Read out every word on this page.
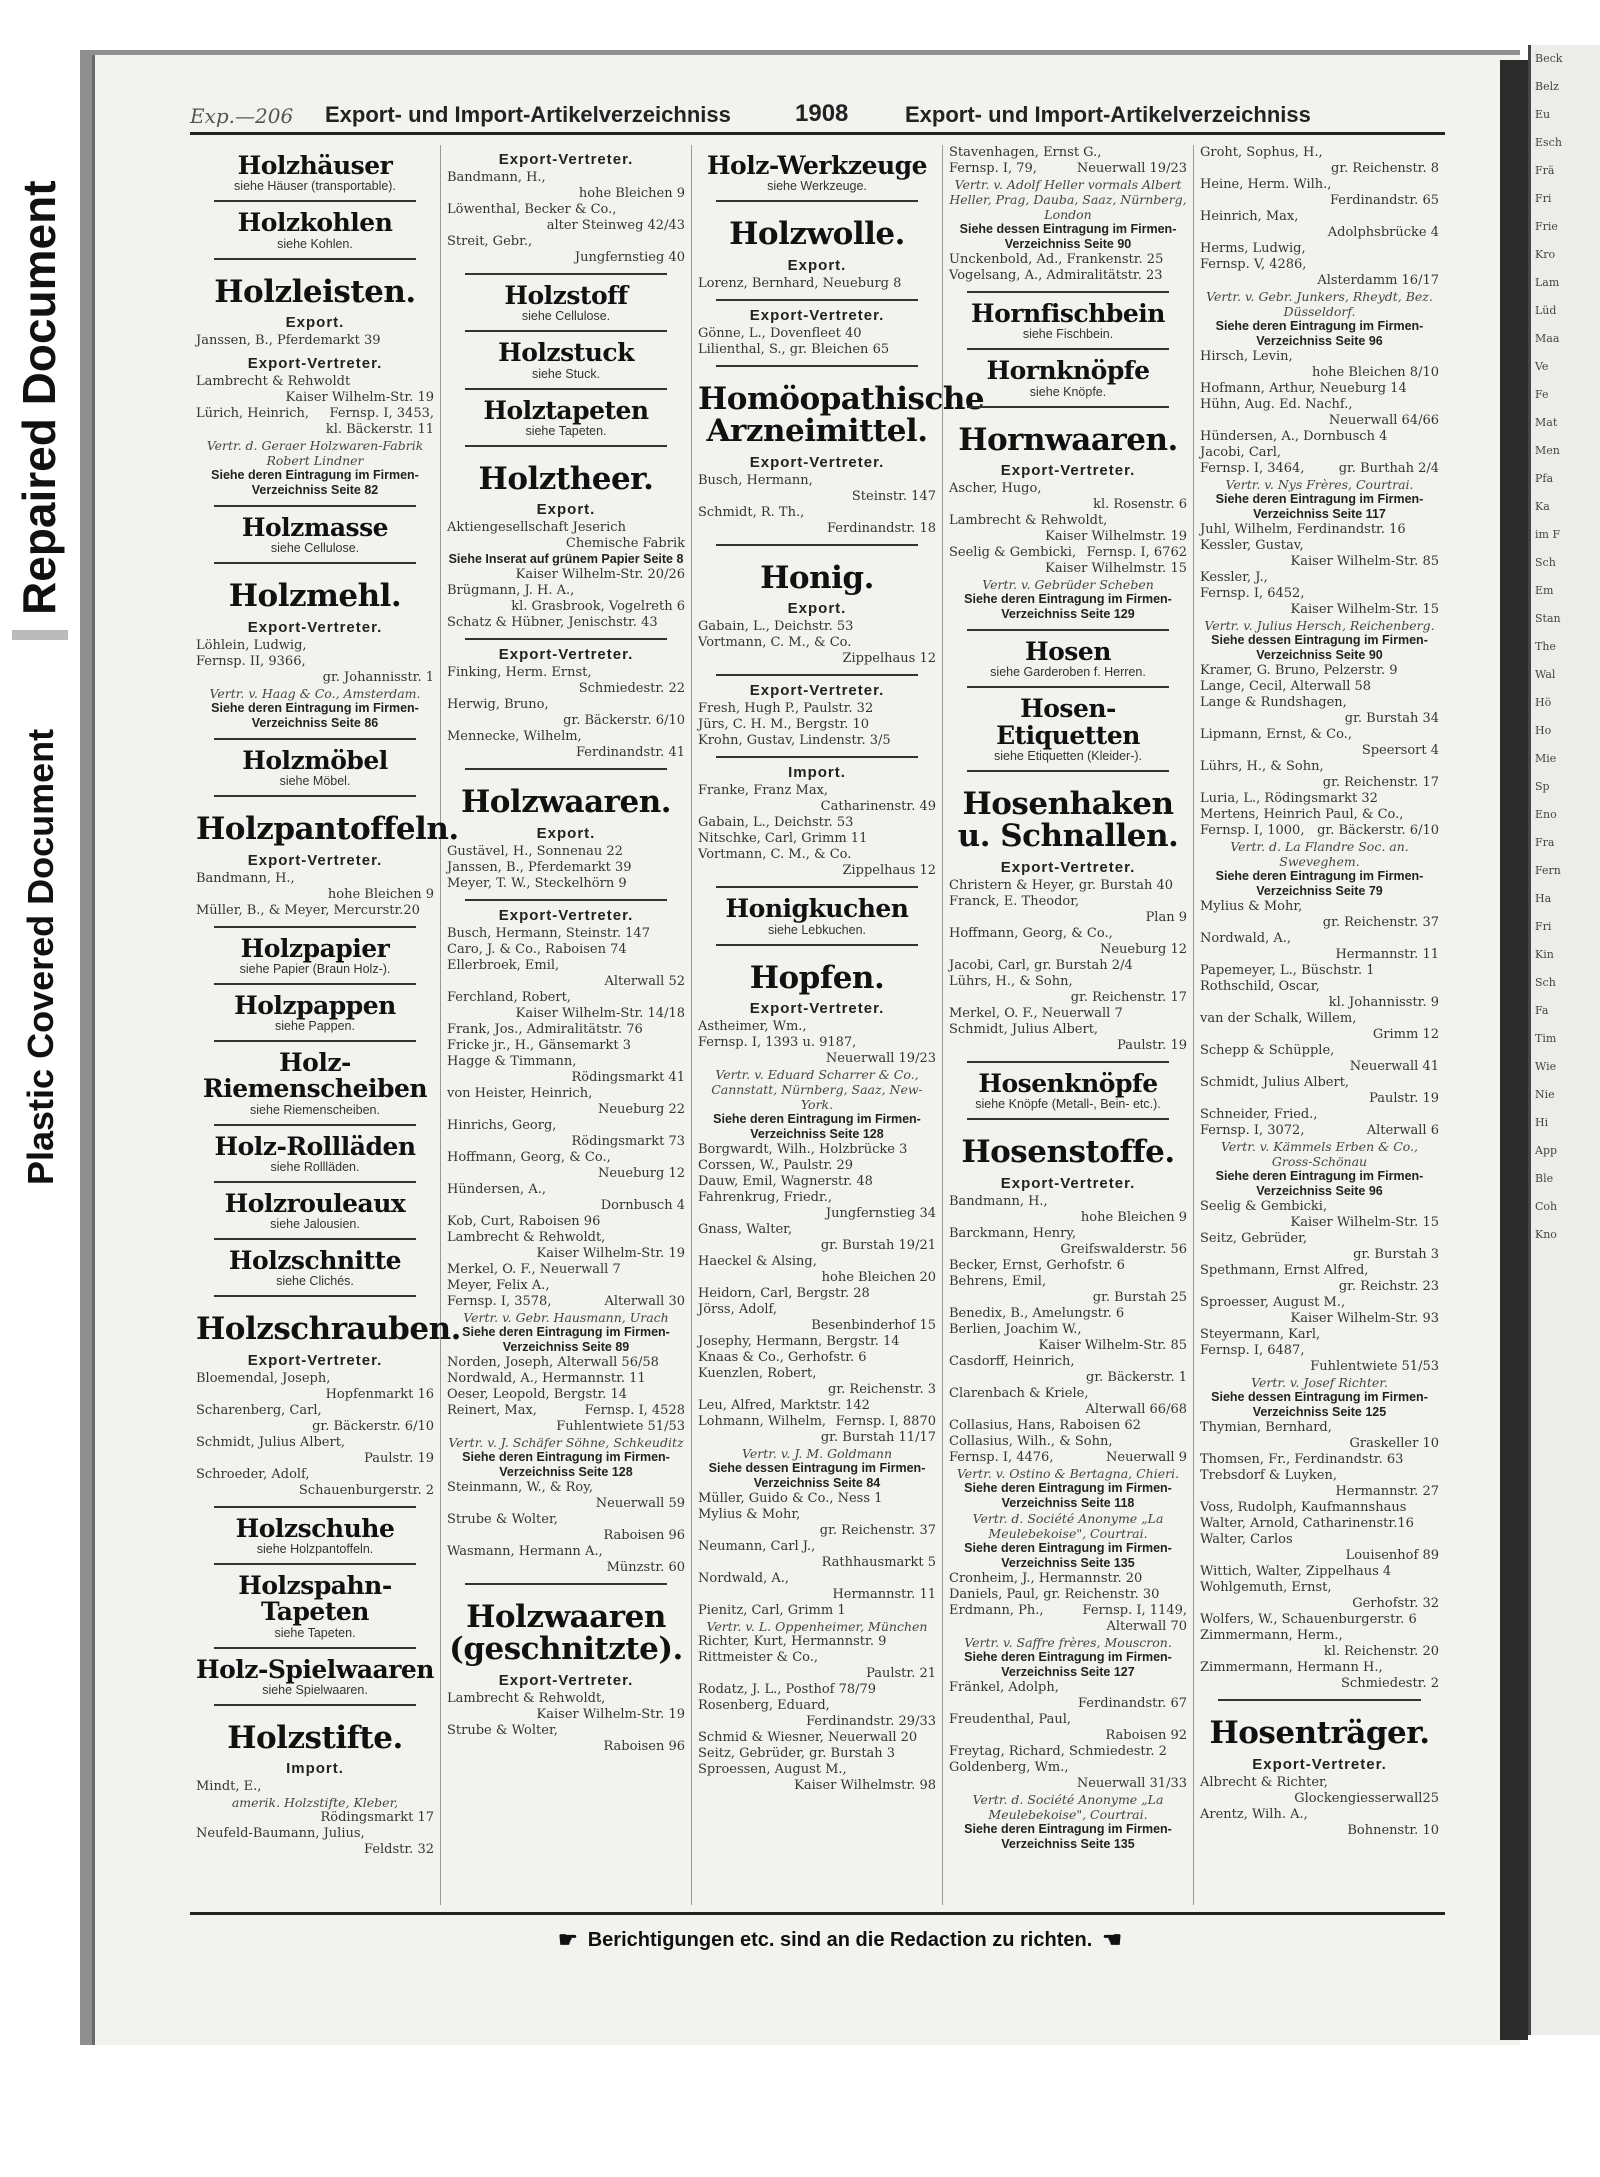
Repaired Document
Plastic Covered Document
Beck
Belz
Eu
Esch
Frä
Fri
Frie
Kro
Lam
Lüd
Maa
Ve
Fe
Mat
Men
Pfa
Ka
im F
Sch
Em
Stan
The
Wal
Hö
Ho
Mie
Sp
Eno
Fra
Fern
Ha
Fri
Kin
Sch
Fa
Tim
Wie
Nie
Hi
App
Ble
Coh
Kno
Exp.—206	Export- und Import-Artikelverzeichniss	1908	Export- und Import-Artikelverzeichniss
Holzhäuser
siehe Häuser (transportable).
Holzkohlen
siehe Kohlen.
Holzleisten.
Export.
Janssen, B., Pferdemarkt 39
Export-Vertreter.
Lambrecht & Rehwoldt
Kaiser Wilhelm-Str. 19
Fernsp. I, 3453,
Lürich, Heinrich,
kl. Bäckerstr. 11
Vertr. d. Geraer Holzwaren-Fabrik Robert Lindner
Siehe deren Eintragung im Firmen-Verzeichniss Seite 82
Holzmasse
siehe Cellulose.
Holzmehl.
Export-Vertreter.
Löhlein, Ludwig,
Fernsp. II, 9366,
gr. Johannisstr. 1
Vertr. v. Haag & Co., Amsterdam.
Siehe deren Eintragung im Firmen-Verzeichniss Seite 86
Holzmöbel
siehe Möbel.
Holzpantoffeln.
Export-Vertreter.
Bandmann, H.,
hohe Bleichen 9
Müller, B., & Meyer, Mercurstr.20
Holzpapier
siehe Papier (Braun Holz-).
Holzpappen
siehe Pappen.
Holz-Riemenscheiben
siehe Riemenscheiben.
Holz-Rollläden
siehe Rollläden.
Holzrouleaux
siehe Jalousien.
Holzschnitte
siehe Clichés.
Holzschrauben.
Export-Vertreter.
Bloemendal, Joseph,
Hopfenmarkt 16
Scharenberg, Carl,
gr. Bäckerstr. 6/10
Schmidt, Julius Albert,
Paulstr. 19
Schroeder, Adolf,
Schauenburgerstr. 2
Holzschuhe
siehe Holzpantoffeln.
Holzspahn-Tapeten
siehe Tapeten.
Holz-Spielwaaren
siehe Spielwaaren.
Holzstifte.
Import.
Mindt, E.,
amerik. Holzstifte, Kleber,
Rödingsmarkt 17
Neufeld-Baumann, Julius,
Feldstr. 32
Export-Vertreter.
Bandmann, H.,
hohe Bleichen 9
Löwenthal, Becker & Co.,
alter Steinweg 42/43
Streit, Gebr.,
Jungfernstieg 40
Holzstoff
siehe Cellulose.
Holzstuck
siehe Stuck.
Holztapeten
siehe Tapeten.
Holztheer.
Export.
Aktiengesellschaft Jeserich
Chemische Fabrik
Siehe Inserat auf grünem Papier Seite 8
Kaiser Wilhelm-Str. 20/26
Brügmann, J. H. A.,
kl. Grasbrook, Vogelreth 6
Schatz & Hübner, Jenischstr. 43
Export-Vertreter.
Finking, Herm. Ernst,
Schmiedestr. 22
Herwig, Bruno,
gr. Bäckerstr. 6/10
Mennecke, Wilhelm,
Ferdinandstr. 41
Holzwaaren.
Export.
Gustävel, H., Sonnenau 22
Janssen, B., Pferdemarkt 39
Meyer, T. W., Steckelhörn 9
Export-Vertreter.
Busch, Hermann, Steinstr. 147
Caro, J. & Co., Raboisen 74
Ellerbroek, Emil,
Alterwall 52
Ferchland, Robert,
Kaiser Wilhelm-Str. 14/18
Frank, Jos., Admiralitätstr. 76
Fricke jr., H., Gänsemarkt 3
Hagge & Timmann,
Rödingsmarkt 41
von Heister, Heinrich,
Neueburg 22
Hinrichs, Georg,
Rödingsmarkt 73
Hoffmann, Georg, & Co.,
Neueburg 12
Hündersen, A.,
Dornbusch 4
Kob, Curt, Raboisen 96
Lambrecht & Rehwoldt,
Kaiser Wilhelm-Str. 19
Merkel, O. F., Neuerwall 7
Meyer, Felix A.,
Alterwall 30
Fernsp. I, 3578,
Vertr. v. Gebr. Hausmann, Urach
Siehe deren Eintragung im Firmen-Verzeichniss Seite 89
Norden, Joseph, Alterwall 56/58
Nordwald, A., Hermannstr. 11
Oeser, Leopold, Bergstr. 14
Fernsp. I, 4528
Reinert, Max,
Fuhlentwiete 51/53
Vertr. v. J. Schäfer Söhne, Schkeuditz
Siehe deren Eintragung im Firmen-Verzeichniss Seite 128
Steinmann, W., & Roy,
Neuerwall 59
Strube & Wolter,
Raboisen 96
Wasmann, Hermann A.,
Münzstr. 60
Holzwaaren (geschnitzte).
Export-Vertreter.
Lambrecht & Rehwoldt,
Kaiser Wilhelm-Str. 19
Strube & Wolter,
Raboisen 96
Holz-Werkzeuge
siehe Werkzeuge.
Holzwolle.
Export.
Lorenz, Bernhard, Neueburg 8
Export-Vertreter.
Gönne, L., Dovenfleet 40
Lilienthal, S., gr. Bleichen 65
Homöopathische Arzneimittel.
Export-Vertreter.
Busch, Hermann,
Steinstr. 147
Schmidt, R. Th.,
Ferdinandstr. 18
Honig.
Export.
Gabain, L., Deichstr. 53
Vortmann, C. M., & Co.
Zippelhaus 12
Export-Vertreter.
Fresh, Hugh P., Paulstr. 32
Jürs, C. H. M., Bergstr. 10
Krohn, Gustav, Lindenstr. 3/5
Import.
Franke, Franz Max,
Catharinenstr. 49
Gabain, L., Deichstr. 53
Nitschke, Carl, Grimm 11
Vortmann, C. M., & Co.
Zippelhaus 12
Honigkuchen
siehe Lebkuchen.
Hopfen.
Export-Vertreter.
Astheimer, Wm.,
Fernsp. I, 1393 u. 9187,
Neuerwall 19/23
Vertr. v. Eduard Scharrer & Co., Cannstatt, Nürnberg, Saaz, New-York.
Siehe deren Eintragung im Firmen-Verzeichniss Seite 128
Borgwardt, Wilh., Holzbrücke 3
Corssen, W., Paulstr. 29
Dauw, Emil, Wagnerstr. 48
Fahrenkrug, Friedr.,
Jungfernstieg 34
Gnass, Walter,
gr. Burstah 19/21
Haeckel & Alsing,
hohe Bleichen 20
Heidorn, Carl, Bergstr. 28
Jörss, Adolf,
Besenbinderhof 15
Josephy, Hermann, Bergstr. 14
Knaas & Co., Gerhofstr. 6
Kuenzlen, Robert,
gr. Reichenstr. 3
Leu, Alfred, Marktstr. 142
Fernsp. I, 8870
Lohmann, Wilhelm,
gr. Burstah 11/17
Vertr. v. J. M. Goldmann
Siehe dessen Eintragung im Firmen-Verzeichniss Seite 84
Müller, Guido & Co., Ness 1
Mylius & Mohr,
gr. Reichenstr. 37
Neumann, Carl J.,
Rathhausmarkt 5
Nordwald, A.,
Hermannstr. 11
Pienitz, Carl, Grimm 1
Vertr. v. L. Oppenheimer, München
Richter, Kurt, Hermannstr. 9
Rittmeister & Co.,
Paulstr. 21
Rodatz, J. L., Posthof 78/79
Rosenberg, Eduard,
Ferdinandstr. 29/33
Schmid & Wiesner, Neuerwall 20
Seitz, Gebrüder, gr. Burstah 3
Sproessen, August M.,
Kaiser Wilhelmstr. 98
Stavenhagen, Ernst G.,
Neuerwall 19/23
Fernsp. I, 79,
Vertr. v. Adolf Heller vormals Albert Heller, Prag, Dauba, Saaz, Nürnberg, London
Siehe dessen Eintragung im Firmen-Verzeichniss Seite 90
Unckenbold, Ad., Frankenstr. 25
Vogelsang, A., Admiralitätstr. 23
Hornfischbein
siehe Fischbein.
Hornknöpfe
siehe Knöpfe.
Hornwaaren.
Export-Vertreter.
Ascher, Hugo,
kl. Rosenstr. 6
Lambrecht & Rehwoldt,
Kaiser Wilhelmstr. 19
Fernsp. I, 6762
Seelig & Gembicki,
Kaiser Wilhelmstr. 15
Vertr. v. Gebrüder Scheben
Siehe deren Eintragung im Firmen-Verzeichniss Seite 129
Hosen
siehe Garderoben f. Herren.
Hosen-Etiquetten
siehe Etiquetten (Kleider-).
Hosenhaken u. Schnallen.
Export-Vertreter.
Christern & Heyer, gr. Burstah 40
Franck, E. Theodor,
Plan 9
Hoffmann, Georg, & Co.,
Neueburg 12
Jacobi, Carl, gr. Burstah 2/4
Lührs, H., & Sohn,
gr. Reichenstr. 17
Merkel, O. F., Neuerwall 7
Schmidt, Julius Albert,
Paulstr. 19
Hosenknöpfe
siehe Knöpfe (Metall-, Bein- etc.).
Hosenstoffe.
Export-Vertreter.
Bandmann, H.,
hohe Bleichen 9
Barckmann, Henry,
Greifswalderstr. 56
Becker, Ernst, Gerhofstr. 6
Behrens, Emil,
gr. Burstah 25
Benedix, B., Amelungstr. 6
Berlien, Joachim W.,
Kaiser Wilhelm-Str. 85
Casdorff, Heinrich,
gr. Bäckerstr. 1
Clarenbach & Kriele,
Alterwall 66/68
Collasius, Hans, Raboisen 62
Collasius, Wilh., & Sohn,
Neuerwall 9
Fernsp. I, 4476,
Vertr. v. Ostino & Bertagna, Chieri.
Siehe deren Eintragung im Firmen-Verzeichniss Seite 118
Vertr. d. Société Anonyme „La Meulebekoise", Courtrai.
Siehe deren Eintragung im Firmen-Verzeichniss Seite 135
Cronheim, J., Hermannstr. 20
Daniels, Paul, gr. Reichenstr. 30
Fernsp. I, 1149,
Erdmann, Ph.,
Alterwall 70
Vertr. v. Saffre frères, Mouscron.
Siehe deren Eintragung im Firmen-Verzeichniss Seite 127
Fränkel, Adolph,
Ferdinandstr. 67
Freudenthal, Paul,
Raboisen 92
Freytag, Richard, Schmiedestr. 2
Goldenberg, Wm.,
Neuerwall 31/33
Vertr. d. Société Anonyme „La Meulebekoise", Courtrai.
Siehe deren Eintragung im Firmen-Verzeichniss Seite 135
Groht, Sophus, H.,
gr. Reichenstr. 8
Heine, Herm. Wilh.,
Ferdinandstr. 65
Heinrich, Max,
Adolphsbrücke 4
Herms, Ludwig,
Fernsp. V, 4286,
Alsterdamm 16/17
Vertr. v. Gebr. Junkers, Rheydt, Bez. Düsseldorf.
Siehe deren Eintragung im Firmen-Verzeichniss Seite 96
Hirsch, Levin,
hohe Bleichen 8/10
Hofmann, Arthur, Neueburg 14
Hühn, Aug. Ed. Nachf.,
Neuerwall 64/66
Hündersen, A., Dornbusch 4
Jacobi, Carl,
gr. Burthah 2/4
Fernsp. I, 3464,
Vertr. v. Nys Frères, Courtrai.
Siehe deren Eintragung im Firmen-Verzeichniss Seite 117
Juhl, Wilhelm, Ferdinandstr. 16
Kessler, Gustav,
Kaiser Wilhelm-Str. 85
Kessler, J.,
Fernsp. I, 6452,
Kaiser Wilhelm-Str. 15
Vertr. v. Julius Hersch, Reichenberg.
Siehe dessen Eintragung im Firmen-Verzeichniss Seite 90
Kramer, G. Bruno, Pelzerstr. 9
Lange, Cecil, Alterwall 58
Lange & Rundshagen,
gr. Burstah 34
Lipmann, Ernst, & Co.,
Speersort 4
Lührs, H., & Sohn,
gr. Reichenstr. 17
Luria, L., Rödingsmarkt 32
Mertens, Heinrich Paul, & Co.,
gr. Bäckerstr. 6/10
Fernsp. I, 1000,
Vertr. d. La Flandre Soc. an. Sweveghem.
Siehe deren Eintragung im Firmen-Verzeichniss Seite 79
Mylius & Mohr,
gr. Reichenstr. 37
Nordwald, A.,
Hermannstr. 11
Papemeyer, L., Büschstr. 1
Rothschild, Oscar,
kl. Johannisstr. 9
van der Schalk, Willem,
Grimm 12
Schepp & Schüpple,
Neuerwall 41
Schmidt, Julius Albert,
Paulstr. 19
Schneider, Fried.,
Alterwall 6
Fernsp. I, 3072,
Vertr. v. Kämmels Erben & Co., Gross-Schönau
Siehe deren Eintragung im Firmen-Verzeichniss Seite 96
Seelig & Gembicki,
Kaiser Wilhelm-Str. 15
Seitz, Gebrüder,
gr. Burstah 3
Spethmann, Ernst Alfred,
gr. Reichstr. 23
Sproesser, August M.,
Kaiser Wilhelm-Str. 93
Steyermann, Karl,
Fernsp. I, 6487,
Fuhlentwiete 51/53
Vertr. v. Josef Richter.
Siehe dessen Eintragung im Firmen-Verzeichniss Seite 125
Thymian, Bernhard,
Graskeller 10
Thomsen, Fr., Ferdinandstr. 63
Trebsdorf & Luyken,
Hermannstr. 27
Voss, Rudolph, Kaufmannshaus
Walter, Arnold, Catharinenstr.16
Walter, Carlos
Louisenhof 89
Wittich, Walter, Zippelhaus 4
Wohlgemuth, Ernst,
Gerhofstr. 32
Wolfers, W., Schauenburgerstr. 6
Zimmermann, Herm.,
kl. Reichenstr. 20
Zimmermann, Hermann H.,
Schmiedestr. 2
Hosenträger.
Export-Vertreter.
Albrecht & Richter,
Glockengiesserwall25
Arentz, Wilh. A.,
Bohnenstr. 10
☛ Berichtigungen etc. sind an die Redaction zu richten. ☚
